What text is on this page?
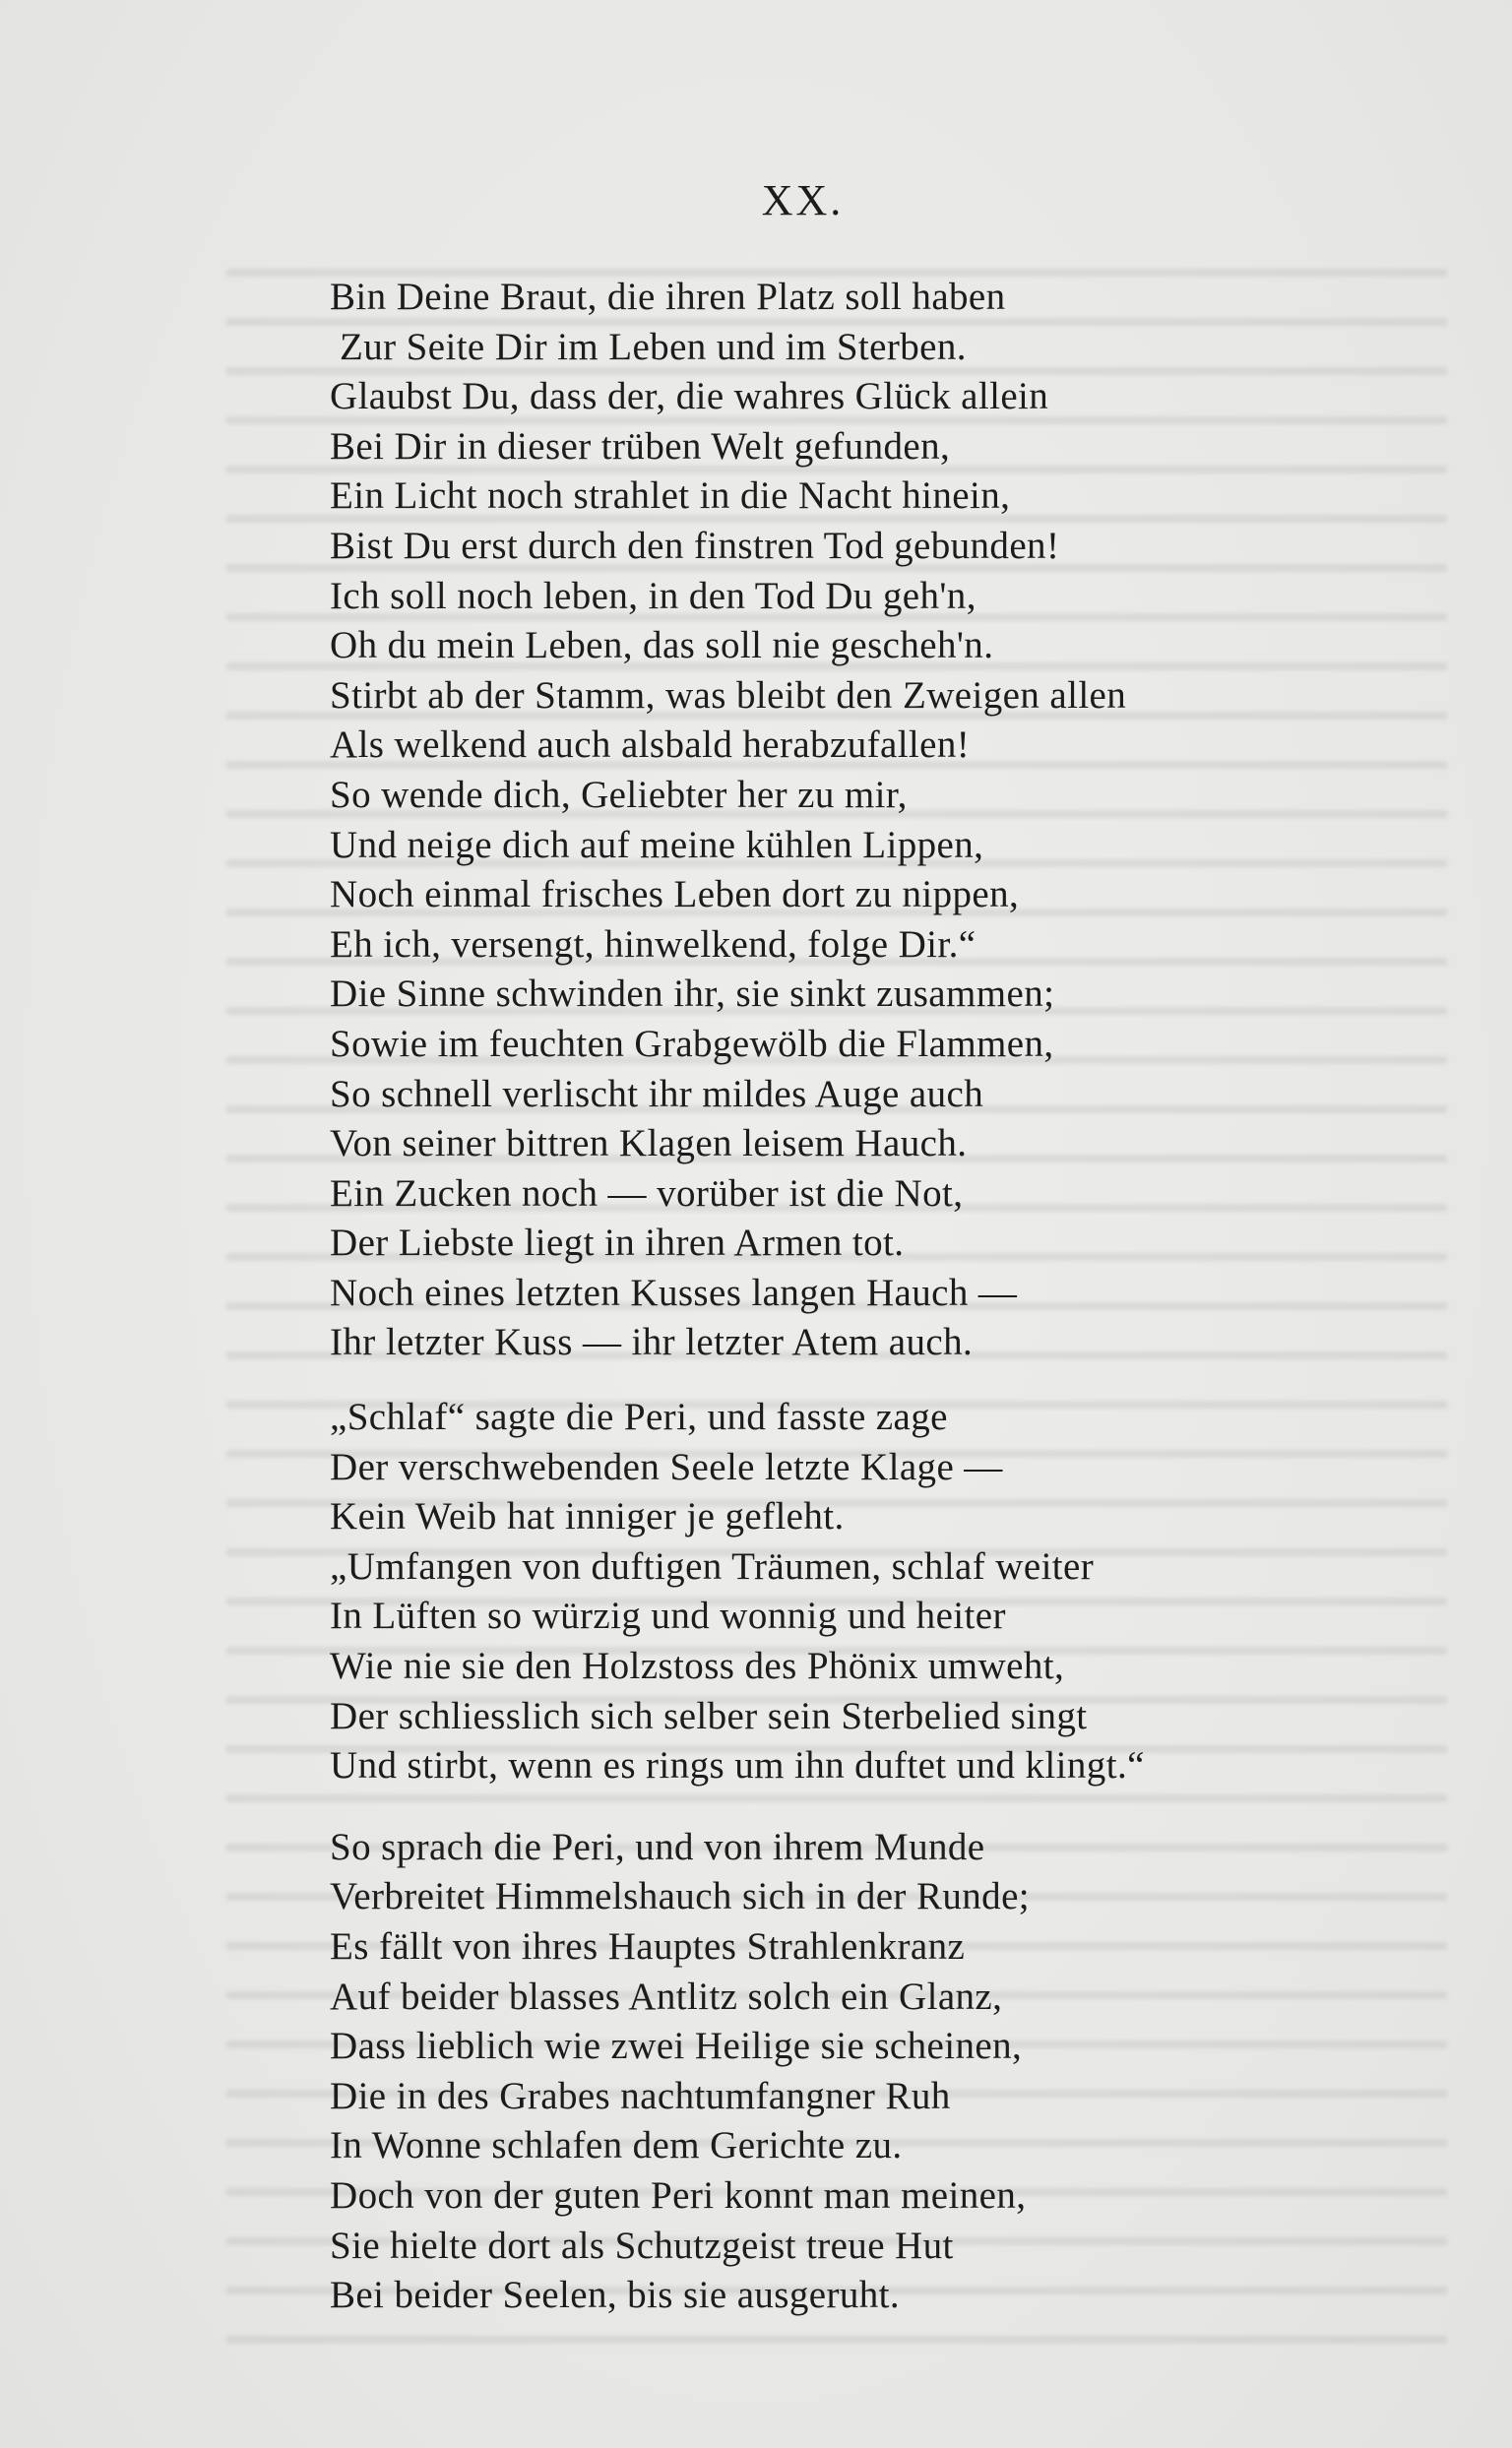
XX.
Bin Deine Braut, die ihren Platz soll haben
Zur Seite Dir im Leben und im Sterben.
Glaubst Du, dass der, die wahres Glück allein
Bei Dir in dieser trüben Welt gefunden,
Ein Licht noch strahlet in die Nacht hinein,
Bist Du erst durch den finstren Tod gebunden!
Ich soll noch leben, in den Tod Du geh'n,
Oh du mein Leben, das soll nie gescheh'n.
Stirbt ab der Stamm, was bleibt den Zweigen allen
Als welkend auch alsbald herabzufallen!
So wende dich, Geliebter her zu mir,
Und neige dich auf meine kühlen Lippen,
Noch einmal frisches Leben dort zu nippen,
Eh ich, versengt, hinwelkend, folge Dir.“
Die Sinne schwinden ihr, sie sinkt zusammen;
Sowie im feuchten Grabgewölb die Flammen,
So schnell verlischt ihr mildes Auge auch
Von seiner bittren Klagen leisem Hauch.
Ein Zucken noch — vorüber ist die Not,
Der Liebste liegt in ihren Armen tot.
Noch eines letzten Kusses langen Hauch —
Ihr letzter Kuss — ihr letzter Atem auch.
„Schlaf“ sagte die Peri, und fasste zage
Der verschwebenden Seele letzte Klage —
Kein Weib hat inniger je gefleht.
„Umfangen von duftigen Träumen, schlaf weiter
In Lüften so würzig und wonnig und heiter
Wie nie sie den Holzstoss des Phönix umweht,
Der schliesslich sich selber sein Sterbelied singt
Und stirbt, wenn es rings um ihn duftet und klingt.“
So sprach die Peri, und von ihrem Munde
Verbreitet Himmelshauch sich in der Runde;
Es fällt von ihres Hauptes Strahlenkranz
Auf beider blasses Antlitz solch ein Glanz,
Dass lieblich wie zwei Heilige sie scheinen,
Die in des Grabes nachtumfangner Ruh
In Wonne schlafen dem Gerichte zu.
Doch von der guten Peri konnt man meinen,
Sie hielte dort als Schutzgeist treue Hut
Bei beider Seelen, bis sie ausgeruht.
